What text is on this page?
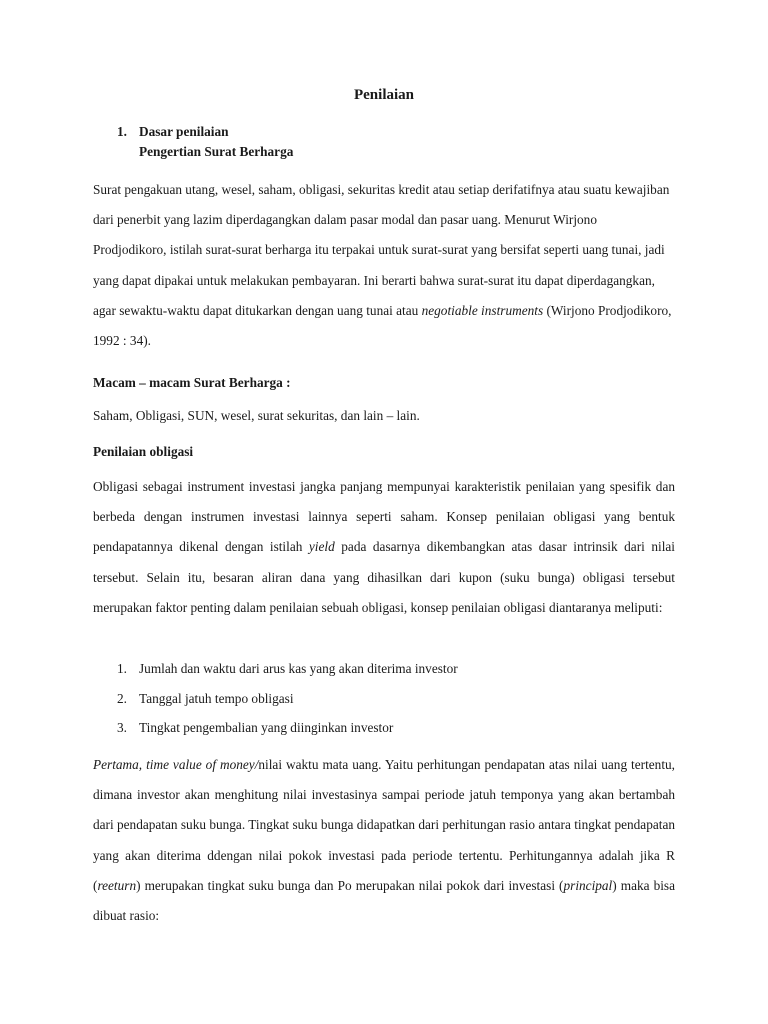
Penilaian
1. Dasar penilaian
Pengertian Surat Berharga
Surat pengakuan utang, wesel, saham, obligasi, sekuritas kredit atau setiap derifatifnya atau suatu kewajiban dari penerbit yang lazim diperdagangkan dalam pasar modal dan pasar uang. Menurut Wirjono Prodjodikoro, istilah surat-surat berharga itu terpakai untuk surat-surat yang bersifat seperti uang tunai, jadi yang dapat dipakai untuk melakukan pembayaran. Ini berarti bahwa surat-surat itu dapat diperdagangkan, agar sewaktu-waktu dapat ditukarkan dengan uang tunai atau negotiable instruments (Wirjono Prodjodikoro, 1992 : 34).
Macam – macam Surat Berharga :
Saham, Obligasi, SUN, wesel, surat sekuritas, dan lain – lain.
Penilaian obligasi
Obligasi sebagai instrument investasi jangka panjang mempunyai karakteristik penilaian yang spesifik dan berbeda dengan instrumen investasi lainnya seperti saham. Konsep penilaian obligasi yang bentuk pendapatannya dikenal dengan istilah yield pada dasarnya dikembangkan atas dasar intrinsik dari nilai tersebut. Selain itu, besaran aliran dana yang dihasilkan dari kupon (suku bunga) obligasi tersebut merupakan faktor penting dalam penilaian sebuah obligasi, konsep penilaian obligasi diantaranya meliputi:
1. Jumlah dan waktu dari arus kas yang akan diterima investor
2. Tanggal jatuh tempo obligasi
3. Tingkat pengembalian yang diinginkan investor
Pertama, time value of money/nilai waktu mata uang. Yaitu perhitungan pendapatan atas nilai uang tertentu, dimana investor akan menghitung nilai investasinya sampai periode jatuh temponya yang akan bertambah dari pendapatan suku bunga. Tingkat suku bunga didapatkan dari perhitungan rasio antara tingkat pendapatan yang akan diterima ddengan nilai pokok investasi pada periode tertentu. Perhitungannya adalah jika R (reeturn) merupakan tingkat suku bunga dan Po merupakan nilai pokok dari investasi (principal) maka bisa dibuat rasio:
